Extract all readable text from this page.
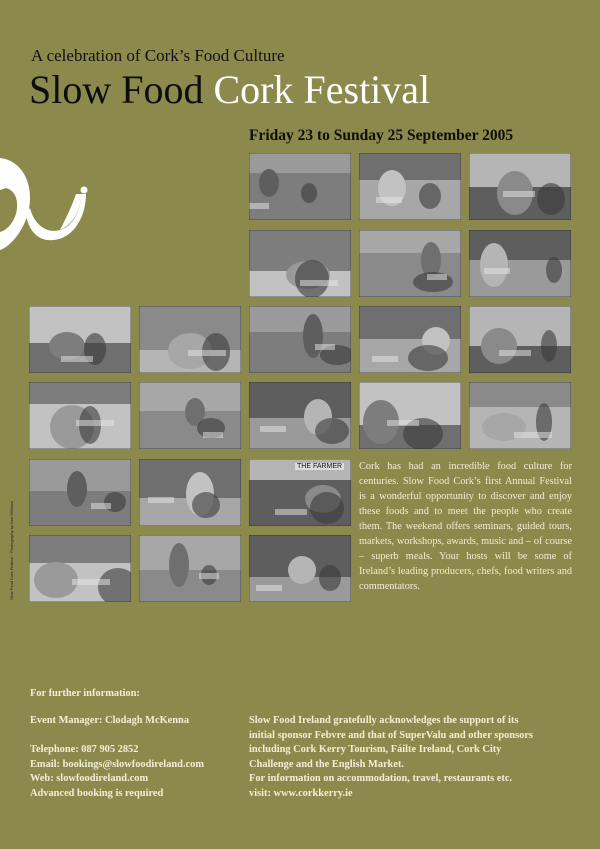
A celebration of Cork’s Food Culture
Slow Food Cork Festival
Friday 23 to Sunday 25 September 2005
THE FARMER Cork has had an incredible food culture for centuries. Slow Food Cork’s first Annual Festival is a wonderful opportunity to discover and enjoy these foods and to meet the people who create them. The weekend offers seminars, guided tours, markets, workshops, awards, music and – of course – superb meals. Your hosts will be some of Ireland’s leading producers, chefs, food writers and commentators.
Slow Food Cork Festival · Photography by Ken Williams
For further information:
Event Manager: Clodagh McKenna
Telephone: 087 905 2852
Email: bookings@slowfoodireland.com
Web: slowfoodireland.com
Advanced booking is required
Slow Food Ireland gratefully acknowledges the support of its
initial sponsor Febvre and that of SuperValu and other sponsors
including Cork Kerry Tourism, Fáilte Ireland, Cork City
Challenge and the English Market.
For information on accommodation, travel, restaurants etc.
visit: www.corkkerry.ie
